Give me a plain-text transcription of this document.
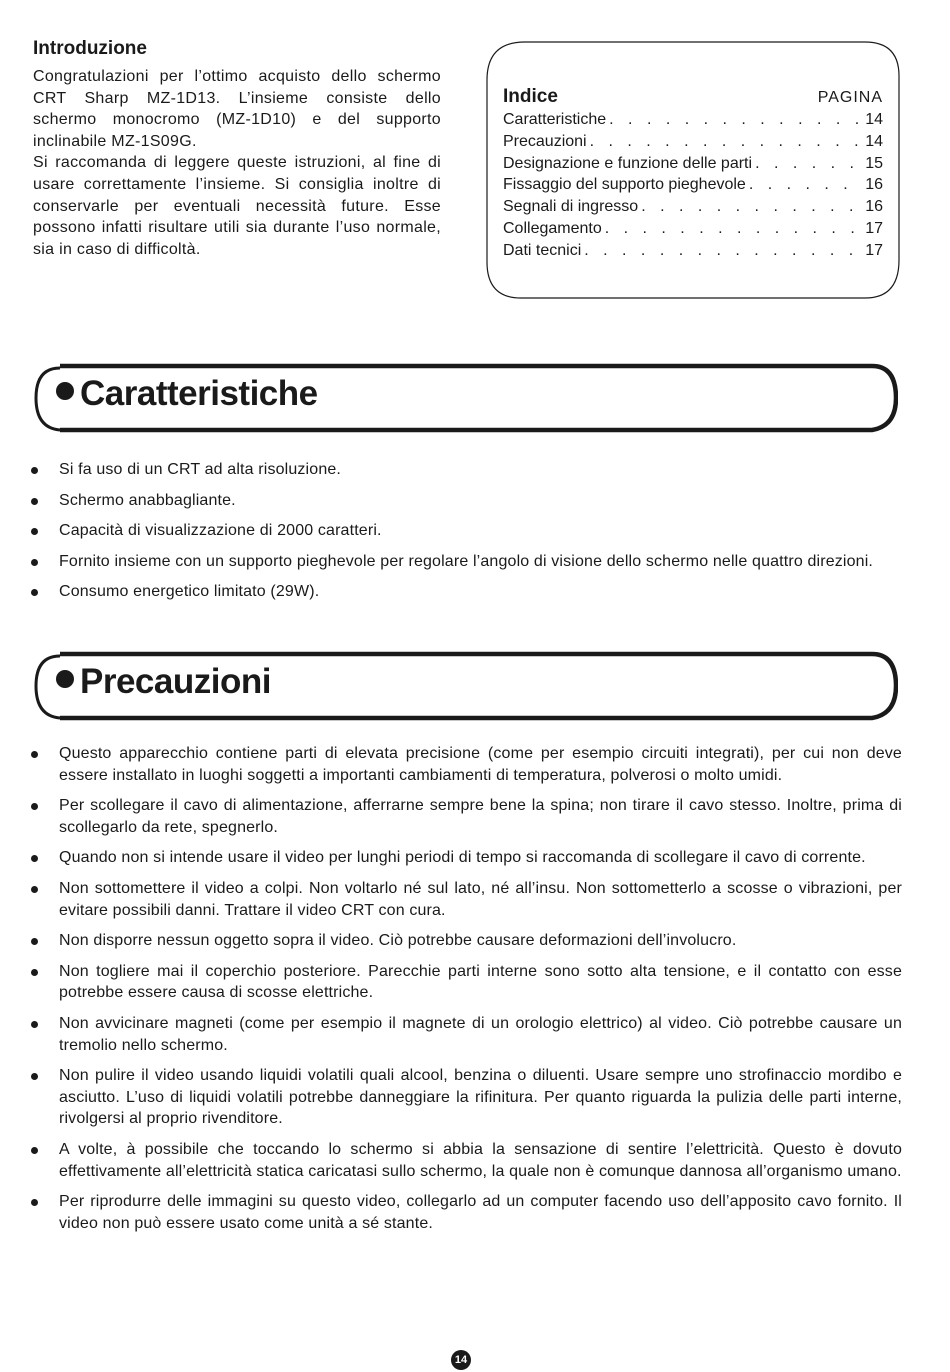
Introduzione

Congratulazioni per l’ottimo acquisto dello schermo CRT Sharp MZ-1D13. L’insieme consiste dello schermo monocromo (MZ-1D10) e del supporto inclinabile MZ-1S09G.

Si raccomanda di leggere queste istruzioni, al fine di usare correttamente l’insieme. Si consiglia inoltre di conservarle per eventuali necessità future. Esse possono infatti risultare utili sia durante l’uso normale, sia in caso di difficoltà.

Indice	PAGINA
Caratteristiche . . .	14
Precauzioni . . .	14
Designazione e funzione delle parti . . .	15
Fissaggio del supporto pieghevole . . .	16
Segnali di ingresso . . .	16
Collegamento . . .	17
Dati tecnici . . .	17
Caratteristiche
Si fa uso di un CRT ad alta risoluzione.
Schermo anabbagliante.
Capacità di visualizzazione di 2000 caratteri.
Fornito insieme con un supporto pieghevole per regolare l’angolo di visione dello schermo nelle quattro direzioni.
Consumo energetico limitato (29W).
Precauzioni
Questo apparecchio contiene parti di elevata precisione (come per esempio circuiti integrati), per cui non deve essere installato in luoghi soggetti a importanti cambiamenti di temperatura, polverosi o molto umidi.
Per scollegare il cavo di alimentazione, afferrarne sempre bene la spina; non tirare il cavo stesso. Inoltre, prima di scollegarlo da rete, spegnerlo.
Quando non si intende usare il video per lunghi periodi di tempo si raccomanda di scollegare il cavo di corrente.
Non sottomettere il video a colpi. Non voltarlo né sul lato, né all’insu. Non sottometterlo a scosse o vibrazioni, per evitare possibili danni. Trattare il video CRT con cura.
Non disporre nessun oggetto sopra il video. Ciò potrebbe causare deformazioni dell’involucro.
Non togliere mai il coperchio posteriore. Parecchie parti interne sono sotto alta tensione, e il contatto con esse potrebbe essere causa di scosse elettriche.
Non avvicinare magneti (come per esempio il magnete di un orologio elettrico) al video. Ciò potrebbe causare un tremolio nello schermo.
Non pulire il video usando liquidi volatili quali alcool, benzina o diluenti. Usare sempre uno strofinaccio mordibo e asciutto. L’uso di liquidi volatili potrebbe danneggiare la rifinitura. Per quanto riguarda la pulizia delle parti interne, rivolgersi al proprio rivenditore.
A volte, à possibile che toccando lo schermo si abbia la sensazione di sentire l’elettricità. Questo è dovuto effettivamente all’elettricità statica caricatasi sullo schermo, la quale non è comunque dannosa all’organismo umano.
Per riprodurre delle immagini su questo video, collegarlo ad un computer facendo uso dell’apposito cavo fornito. Il video non può essere usato come unità a sé stante.
14
